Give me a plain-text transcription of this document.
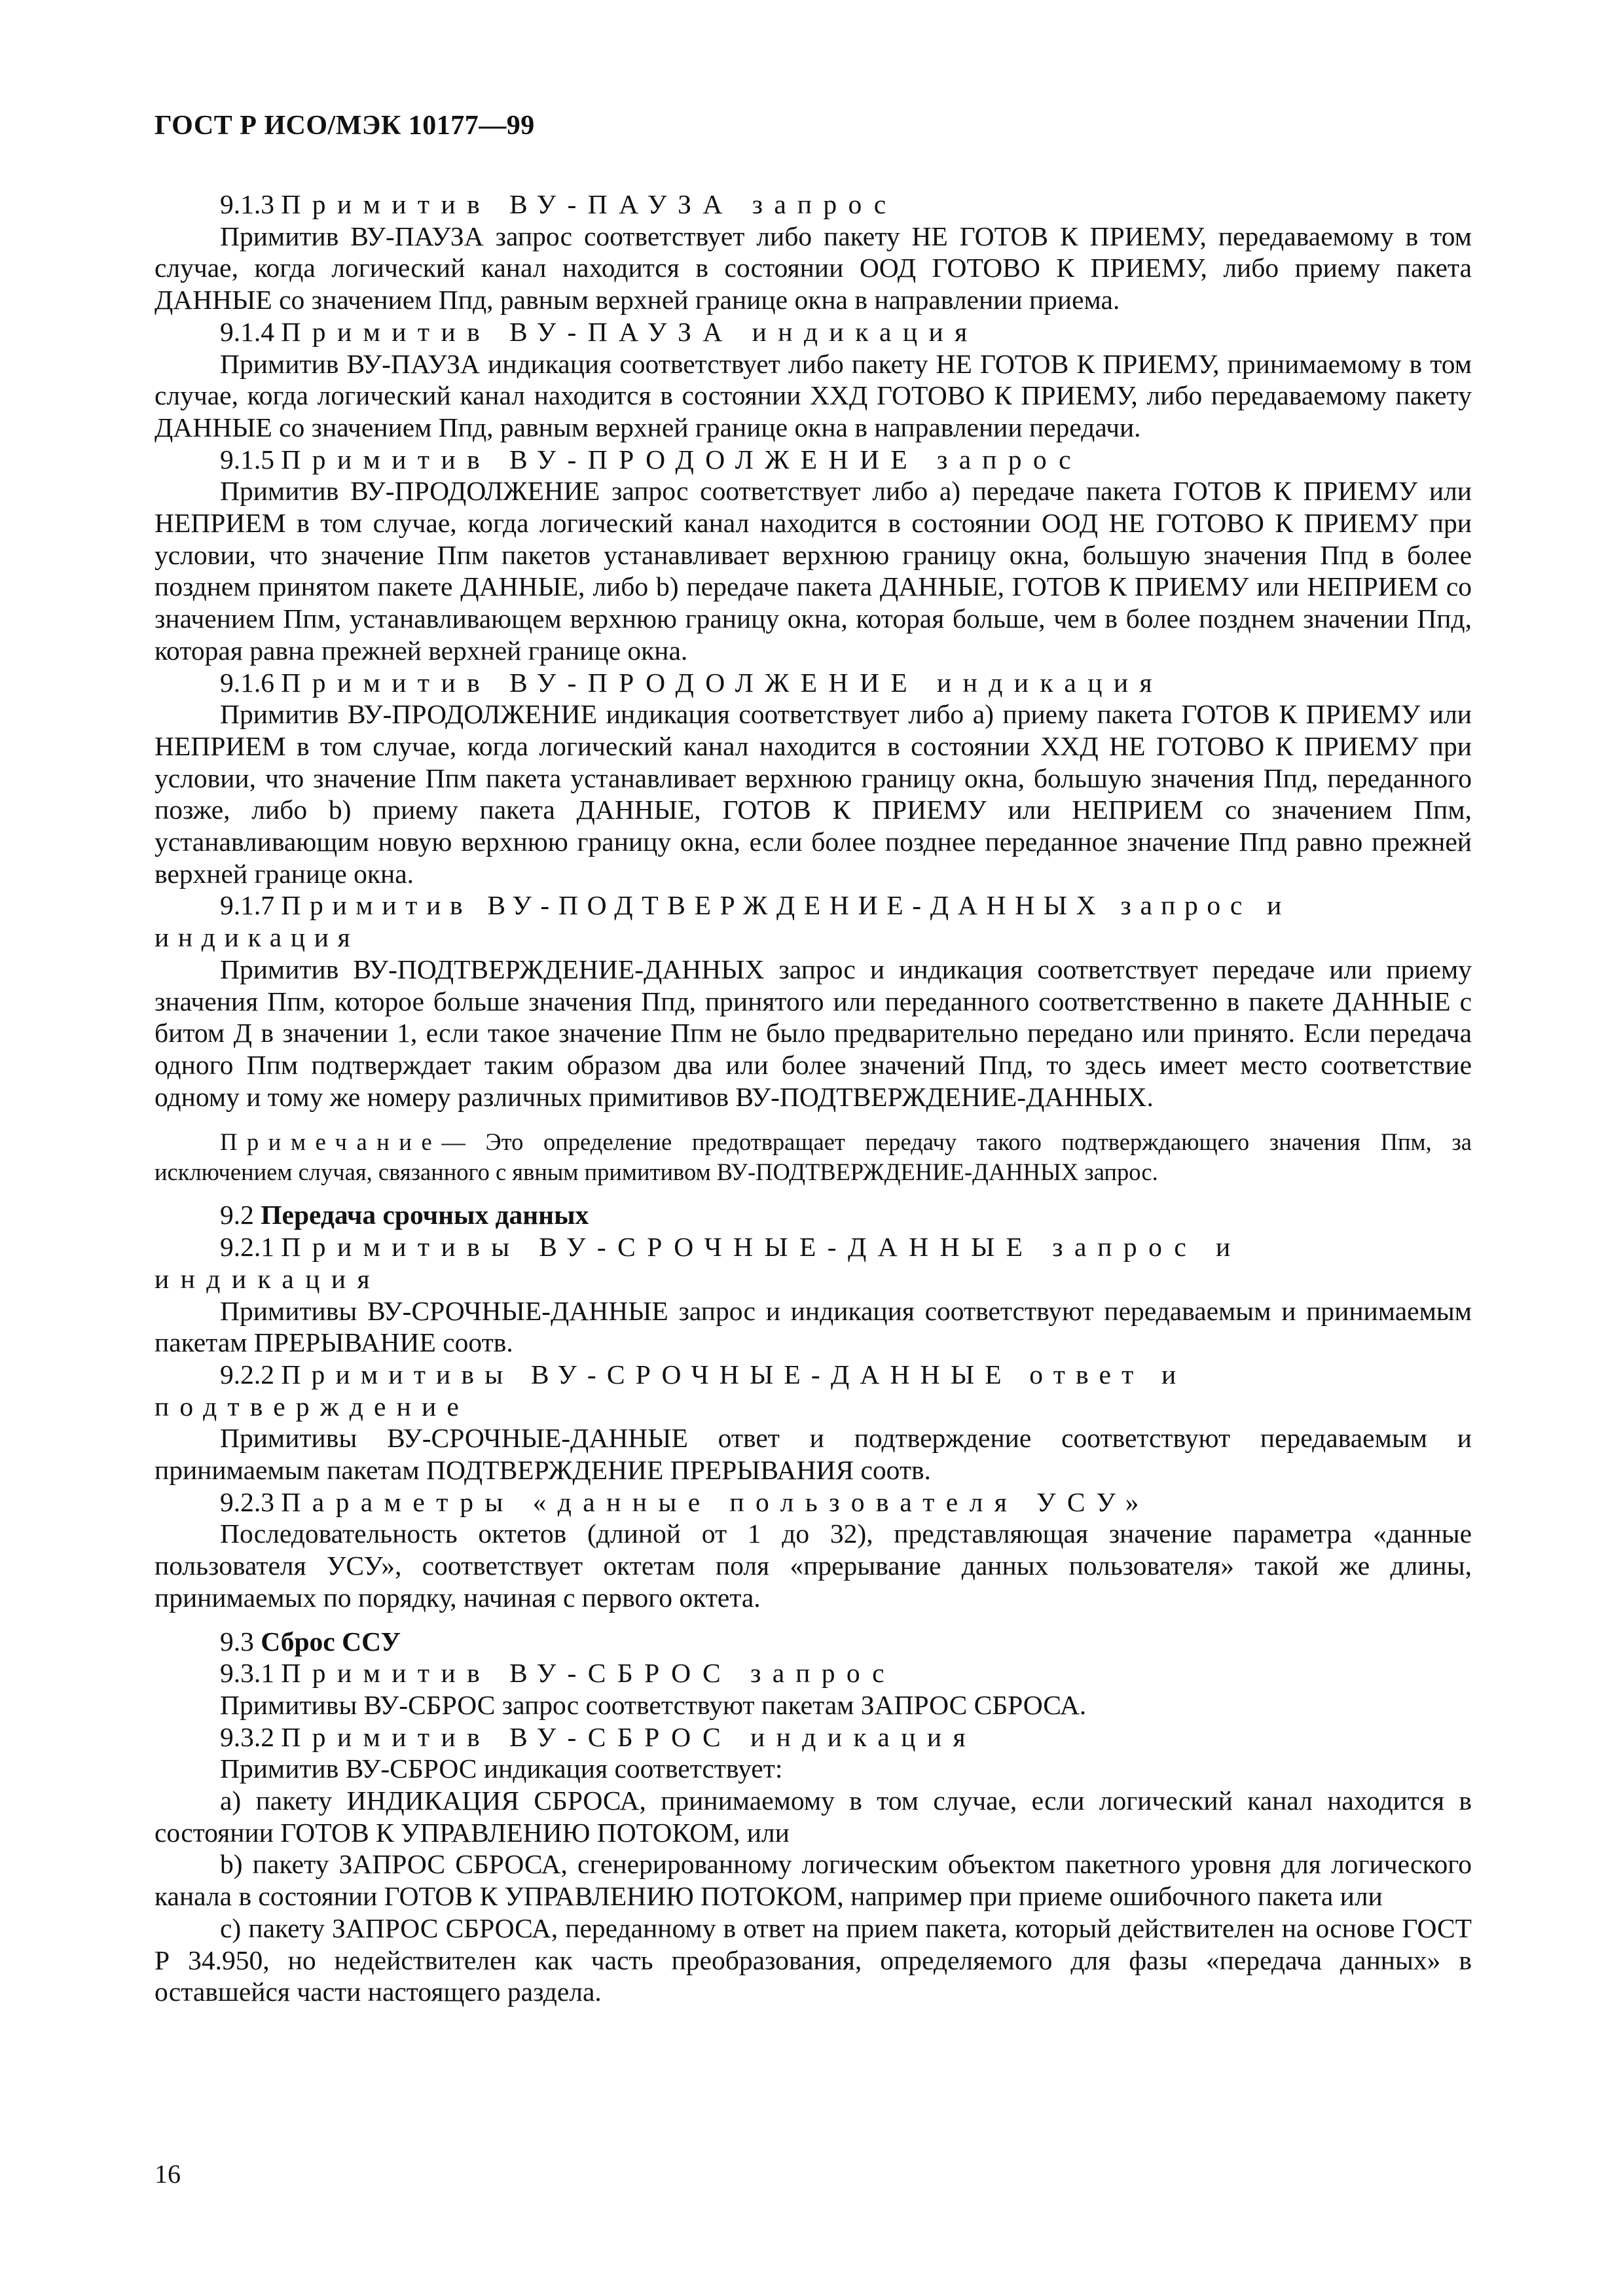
ГОСТ Р ИСО/МЭК 10177—99

9.1.3 Примитив ВУ-ПАУЗА запрос

Примитив ВУ-ПАУЗА запрос соответствует либо пакету НЕ ГОТОВ К ПРИЕМУ, передаваемому в том случае, когда логический канал находится в состоянии ООД ГОТОВО К ПРИЕМУ, либо приему пакета ДАННЫЕ со значением Ппд, равным верхней границе окна в направлении приема.

9.1.4 Примитив ВУ-ПАУЗА индикация

Примитив ВУ-ПАУЗА индикация соответствует либо пакету НЕ ГОТОВ К ПРИЕМУ, принимаемому в том случае, когда логический канал находится в состоянии ХХД ГОТОВО К ПРИЕМУ, либо передаваемому пакету ДАННЫЕ со значением Ппд, равным верхней границе окна в направлении передачи.

9.1.5 Примитив ВУ-ПРОДОЛЖЕНИЕ запрос

Примитив ВУ-ПРОДОЛЖЕНИЕ запрос соответствует либо а) передаче пакета ГОТОВ К ПРИЕМУ или НЕПРИЕМ в том случае, когда логический канал находится в состоянии ООД НЕ ГОТОВО К ПРИЕМУ при условии, что значение Ппм пакетов устанавливает верхнюю границу окна, большую значения Ппд в более позднем принятом пакете ДАННЫЕ, либо b) передаче пакета ДАННЫЕ, ГОТОВ К ПРИЕМУ или НЕПРИЕМ со значением Ппм, устанавливающем верхнюю границу окна, которая больше, чем в более позднем значении Ппд, которая равна прежней верхней границе окна.

9.1.6 Примитив ВУ-ПРОДОЛЖЕНИЕ индикация

Примитив ВУ-ПРОДОЛЖЕНИЕ индикация соответствует либо а) приему пакета ГОТОВ К ПРИЕМУ или НЕПРИЕМ в том случае, когда логический канал находится в состоянии ХХД НЕ ГОТОВО К ПРИЕМУ при условии, что значение Ппм пакета устанавливает верхнюю границу окна, большую значения Ппд, переданного позже, либо b) приему пакета ДАННЫЕ, ГОТОВ К ПРИЕМУ или НЕПРИЕМ со значением Ппм, устанавливающим новую верхнюю границу окна, если более позднее переданное значение Ппд равно прежней верхней границе окна.

9.1.7 Примитив ВУ-ПОДТВЕРЖДЕНИЕ-ДАННЫХ запрос и индикация

Примитив ВУ-ПОДТВЕРЖДЕНИЕ-ДАННЫХ запрос и индикация соответствует передаче или приему значения Ппм, которое больше значения Ппд, принятого или переданного соответственно в пакете ДАННЫЕ с битом Д в значении 1, если такое значение Ппм не было предварительно передано или принято. Если передача одного Ппм подтверждает таким образом два или более значений Ппд, то здесь имеет место соответствие одному и тому же номеру различных примитивов ВУ-ПОДТВЕРЖДЕНИЕ-ДАННЫХ.

Примечание— Это определение предотвращает передачу такого подтверждающего значения Ппм, за исключением случая, связанного с явным примитивом ВУ-ПОДТВЕРЖДЕНИЕ-ДАННЫХ запрос.

9.2 Передача срочных данных

9.2.1 Примитивы ВУ-СРОЧНЫЕ-ДАННЫЕ запрос и индикация

Примитивы ВУ-СРОЧНЫЕ-ДАННЫЕ запрос и индикация соответствуют передаваемым и принимаемым пакетам ПРЕРЫВАНИЕ соотв.

9.2.2 Примитивы ВУ-СРОЧНЫЕ-ДАННЫЕ ответ и подтверждение

Примитивы ВУ-СРОЧНЫЕ-ДАННЫЕ ответ и подтверждение соответствуют передаваемым и принимаемым пакетам ПОДТВЕРЖДЕНИЕ ПРЕРЫВАНИЯ соотв.

9.2.3 Параметры «данные пользователя УСУ»

Последовательность октетов (длиной от 1 до 32), представляющая значение параметра «данные пользователя УСУ», соответствует октетам поля «прерывание данных пользователя» такой же длины, принимаемых по порядку, начиная с первого октета.

9.3 Сброс ССУ

9.3.1 Примитив ВУ-СБРОС запрос

Примитивы ВУ-СБРОС запрос соответствуют пакетам ЗАПРОС СБРОСА.

9.3.2 Примитив ВУ-СБРОС индикация

Примитив ВУ-СБРОС индикация соответствует:

а) пакету ИНДИКАЦИЯ СБРОСА, принимаемому в том случае, если логический канал находится в состоянии ГОТОВ К УПРАВЛЕНИЮ ПОТОКОМ, или

b) пакету ЗАПРОС СБРОСА, сгенерированному логическим объектом пакетного уровня для логического канала в состоянии ГОТОВ К УПРАВЛЕНИЮ ПОТОКОМ, например при приеме ошибочного пакета или

c) пакету ЗАПРОС СБРОСА, переданному в ответ на прием пакета, который действителен на основе ГОСТ Р 34.950, но недействителен как часть преобразования, определяемого для фазы «передача данных» в оставшейся части настоящего раздела.

16
